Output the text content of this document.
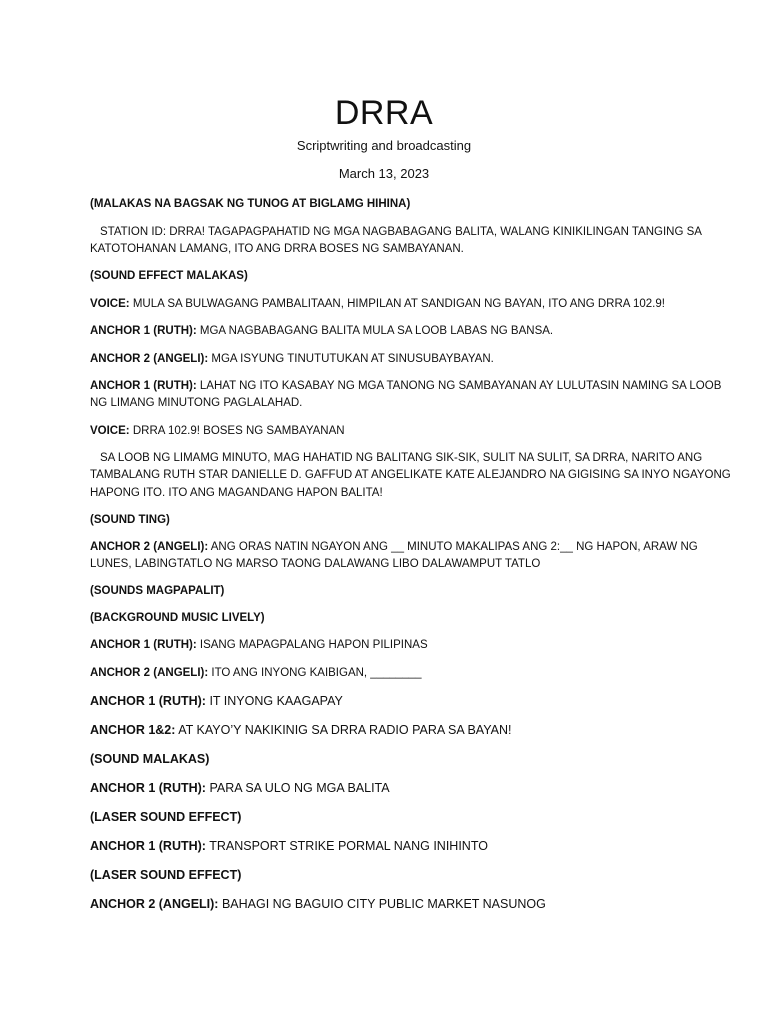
DRRA
Scriptwriting and broadcasting
March 13, 2023
(MALAKAS NA BAGSAK NG TUNOG AT BIGLAMG HIHINA)
STATION ID: DRRA! TAGAPAGPAHATID NG MGA NAGBABAGANG BALITA, WALANG KINIKILINGAN TANGING SA
KATOTOHANAN LAMANG, ITO ANG DRRA BOSES NG SAMBAYANAN.
(SOUND EFFECT MALAKAS)
VOICE: MULA SA BULWAGANG PAMBALITAAN, HIMPILAN AT SANDIGAN NG BAYAN, ITO ANG DRRA 102.9!
ANCHOR 1 (RUTH): MGA NAGBABAGANG BALITA MULA SA LOOB LABAS NG BANSA.
ANCHOR 2 (ANGELI): MGA ISYUNG TINUTUTUKAN AT SINUSUBAYBAYAN.
ANCHOR 1 (RUTH): LAHAT NG ITO KASABAY NG MGA TANONG NG SAMBAYANAN AY LULUTASIN NAMING SA LOOB
NG LIMANG MINUTONG PAGLALAHAD.
VOICE: DRRA 102.9! BOSES NG SAMBAYANAN
SA LOOB NG LIMAMG MINUTO, MAG HAHATID NG BALITANG SIK-SIK, SULIT NA SULIT, SA DRRA, NARITO ANG
TAMBALANG RUTH STAR DANIELLE D. GAFFUD AT ANGELIKATE KATE ALEJANDRO NA GIGISING SA INYO NGAYONG
HAPONG ITO. ITO ANG MAGANDANG HAPON BALITA!
(SOUND TING)
ANCHOR 2 (ANGELI): ANG ORAS NATIN NGAYON ANG __ MINUTO MAKALIPAS ANG 2:__ NG HAPON, ARAW NG
LUNES, LABINGTATLO NG MARSO TAONG DALAWANG LIBO DALAWAMPUT TATLO
(SOUNDS MAGPAPALIT)
(BACKGROUND MUSIC LIVELY)
ANCHOR 1 (RUTH): ISANG MAPAGPALANG HAPON PILIPINAS
ANCHOR 2 (ANGELI): ITO ANG INYONG KAIBIGAN, ________
ANCHOR 1 (RUTH): IT INYONG KAAGAPAY
ANCHOR 1&2: AT KAYO’Y NAKIKINIG SA DRRA RADIO PARA SA BAYAN!
(SOUND MALAKAS)
ANCHOR 1 (RUTH): PARA SA ULO NG MGA BALITA
(LASER SOUND EFFECT)
ANCHOR 1 (RUTH): TRANSPORT STRIKE PORMAL NANG INIHINTO
(LASER SOUND EFFECT)
ANCHOR 2 (ANGELI): BAHAGI NG BAGUIO CITY PUBLIC MARKET NASUNOG
